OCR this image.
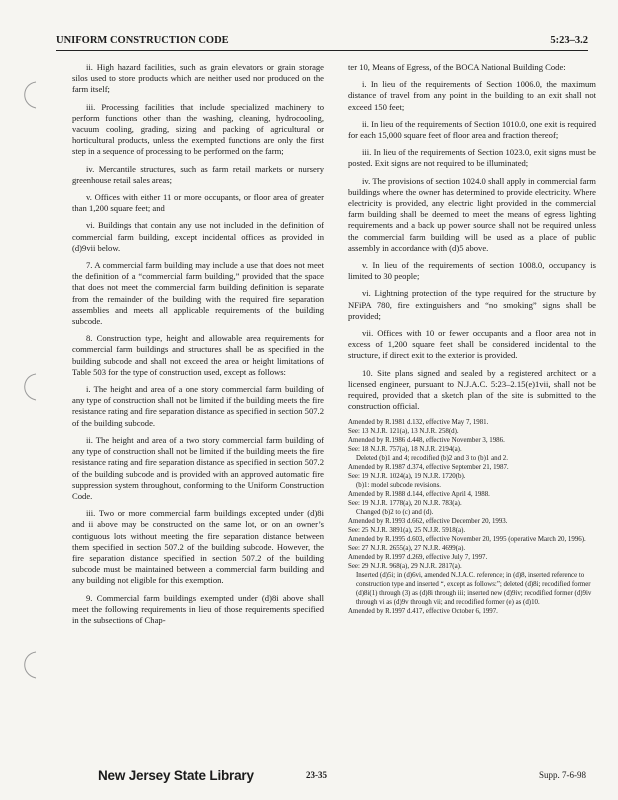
UNIFORM CONSTRUCTION CODE	5:23–3.2

ii. High hazard facilities, such as grain elevators or grain storage silos used to store products which are neither used nor produced on the farm itself;

iii. Processing facilities that include specialized machinery to perform functions other than the washing, cleaning, hydrocooling, vacuum cooling, grading, sizing and packing of agricultural or horticultural products, unless the exempted functions are only the first step in a sequence of processing to be performed on the farm;

iv. Mercantile structures, such as farm retail markets or nursery greenhouse retail sales areas;

v. Offices with either 11 or more occupants, or floor area of greater than 1,200 square feet; and

vi. Buildings that contain any use not included in the definition of commercial farm building, except incidental offices as provided in (d)9vii below.

7. A commercial farm building may include a use that does not meet the definition of a “commercial farm building,” provided that the space that does not meet the commercial farm building definition is separate from the remainder of the building with the required fire separation assemblies and meets all applicable requirements of the building subcode.

8. Construction type, height and allowable area requirements for commercial farm buildings and structures shall be as specified in the building subcode and shall not exceed the area or height limitations of Table 503 for the type of construction used, except as follows:

i. The height and area of a one story commercial farm building of any type of construction shall not be limited if the building meets the fire resistance rating and fire separation distance as specified in section 507.2 of the building subcode.

ii. The height and area of a two story commercial farm building of any type of construction shall not be limited if the building meets the fire resistance rating and fire separation distance as specified in section 507.2 of the building subcode and is provided with an approved automatic fire suppression system throughout, conforming to the Uniform Construction Code.

iii. Two or more commercial farm buildings excepted under (d)8i and ii above may be constructed on the same lot, or on an owner’s contiguous lots without meeting the fire separation distance between them specified in section 507.2 of the building subcode. However, the fire separation distance specified in section 507.2 of the building subcode must be maintained between a commercial farm building and any building not eligible for this exemption.

9. Commercial farm buildings exempted under (d)8i above shall meet the following requirements in lieu of those requirements specified in the subsections of Chap-

ter 10, Means of Egress, of the BOCA National Building Code:

i. In lieu of the requirements of Section 1006.0, the maximum distance of travel from any point in the building to an exit shall not exceed 150 feet;

ii. In lieu of the requirements of Section 1010.0, one exit is required for each 15,000 square feet of floor area and fraction thereof;

iii. In lieu of the requirements of Section 1023.0, exit signs must be posted. Exit signs are not required to be illuminated;

iv. The provisions of section 1024.0 shall apply in commercial farm buildings where the owner has determined to provide electricity. Where electricity is provided, any electric light provided in the commercial farm building shall be deemed to meet the means of egress lighting requirements and a back up power source shall not be required unless the commercial farm building will be used as a place of public assembly in accordance with (d)5 above.

v. In lieu of the requirements of section 1008.0, occupancy is limited to 30 people;

vi. Lightning protection of the type required for the structure by NFiPA 780, fire extinguishers and “no smoking” signs shall be provided;

vii. Offices with 10 or fewer occupants and a floor area not in excess of 1,200 square feet shall be considered incidental to the structure, if direct exit to the exterior is provided.

10. Site plans signed and sealed by a registered architect or a licensed engineer, pursuant to N.J.A.C. 5:23–2.15(e)1vii, shall not be required, provided that a sketch plan of the site is submitted to the construction official.

Amended by R.1981 d.132, effective May 7, 1981.
See: 13 N.J.R. 121(a), 13 N.J.R. 258(d).
Amended by R.1986 d.448, effective November 3, 1986.
See: 18 N.J.R. 757(a), 18 N.J.R. 2194(a).
Deleted (b)1 and 4; recodified (b)2 and 3 to (b)1 and 2.
Amended by R.1987 d.374, effective September 21, 1987.
See: 19 N.J.R. 1024(a), 19 N.J.R. 1720(b).
(b)1: model subcode revisions.
Amended by R.1988 d.144, effective April 4, 1988.
See: 19 N.J.R. 1778(a), 20 N.J.R. 783(a).
Changed (b)2 to (c) and (d).
Amended by R.1993 d.662, effective December 20, 1993.
See: 25 N.J.R. 3891(a), 25 N.J.R. 5918(a).
Amended by R.1995 d.603, effective November 20, 1995 (operative March 20, 1996).
See: 27 N.J.R. 2655(a), 27 N.J.R. 4699(a).
Amended by R.1997 d.269, effective July 7, 1997.
See: 29 N.J.R. 968(a), 29 N.J.R. 2817(a).
Inserted (d)5i; in (d)6vi, amended N.J.A.C. reference; in (d)8, inserted reference to construction type and inserted “, except as follows:”; deleted (d)8i; recodified former (d)8i(1) through (3) as (d)8i through iii; inserted new (d)9iv; recodified former (d)9iv through vi as (d)9v through vii; and recodified former (e) as (d)10.
Amended by R.1997 d.417, effective October 6, 1997.
New Jersey State Library	23-35	Supp. 7-6-98
